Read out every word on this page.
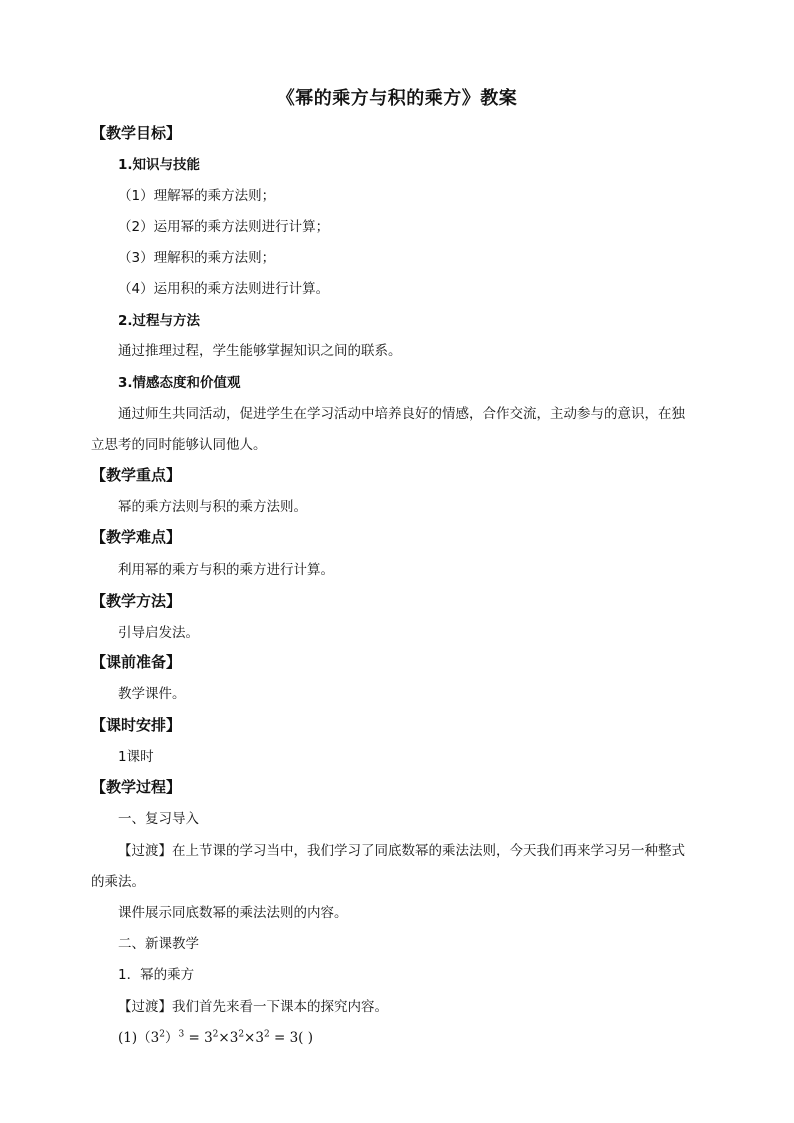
《幂的乘方与积的乘方》教案
【教学目标】
1.知识与技能
（1）理解幂的乘方法则；
（2）运用幂的乘方法则进行计算；
（3）理解积的乘方法则；
（4）运用积的乘方法则进行计算。
2.过程与方法
通过推理过程，学生能够掌握知识之间的联系。
3.情感态度和价值观
通过师生共同活动，促进学生在学习活动中培养良好的情感，合作交流，主动参与的意识，在独
立思考的同时能够认同他人。
【教学重点】
幂的乘方法则与积的乘方法则。
【教学难点】
利用幂的乘方与积的乘方进行计算。
【教学方法】
引导启发法。
【课前准备】
教学课件。
【课时安排】
1课时
【教学过程】
一、复习导入
【过渡】在上节课的学习当中，我们学习了同底数幂的乘法法则，今天我们再来学习另一种整式
的乘法。
课件展示同底数幂的乘法法则的内容。
二、新课教学
1．幂的乘方
【过渡】我们首先来看一下课本的探究内容。
$(1)(3^2)^3 = 3^2\times 3^2\times 3^2 = 3$( )
